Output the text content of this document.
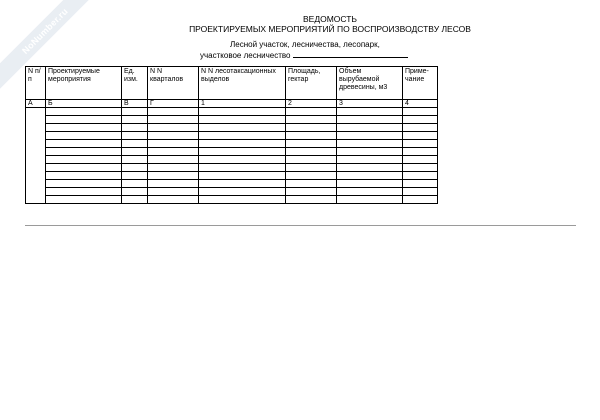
NoNumber.ru	ВЕДОМОСТЬ
ПРОЕКТИРУЕМЫХ МЕРОПРИЯТИЙ ПО ВОСПРОИЗВОДСТВУ ЛЕСОВ
Лесной участок, лесничества, лесопарк,
участковое лесничество
N п/п	Проектируемые мероприятия	Ед. изм.	N N кварталов	N N лесотаксационных выделов	Площадь, гектар	Объем вырубаемой древесины, м3	Приме- чание
А	Б	В	Г	1	2	3	4
